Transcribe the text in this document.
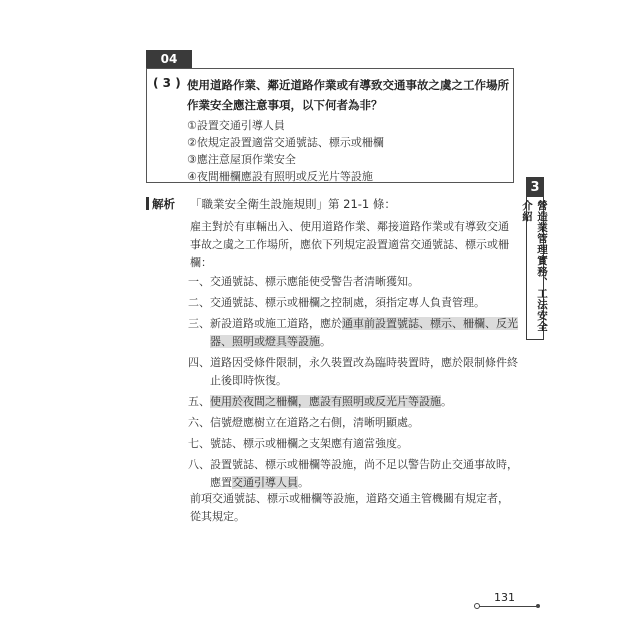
04
( 3 ) 使用道路作業、鄰近道路作業或有導致交通事故之虞之工作場所作業安全應注意事項，以下何者為非？
①設置交通引導人員
②依規定設置適當交通號誌、標示或柵欄
③應注意屋頂作業安全
④夜間柵欄應設有照明或反光片等設施
解析 「職業安全衛生設施規則」第 21-1 條：
雇主對於有車輛出入、使用道路作業、鄰接道路作業或有導致交通事故之虞之工作場所，應依下列規定設置適當交通號誌、標示或柵欄：
一、 交通號誌、標示應能使受警告者清晰獲知。
二、 交通號誌、標示或柵欄之控制處，須指定專人負責管理。
三、 新設道路或施工道路，應於通車前設置號誌、標示、柵欄、反光器、照明或燈具等設施。
四、 道路因受條件限制，永久裝置改為臨時裝置時，應於限制條件終止後即時恢復。
五、 使用於夜間之柵欄，應設有照明或反光片等設施。
六、 信號燈應樹立在道路之右側，清晰明顯處。
七、 號誌、標示或柵欄之支架應有適當強度。
八、 設置號誌、標示或柵欄等設施，尚不足以警告防止交通事故時，應置交通引導人員。
前項交通號誌、標示或柵欄等設施，道路交通主管機關有規定者，從其規定。
3
營造業管理實務、工法安全介紹
131
